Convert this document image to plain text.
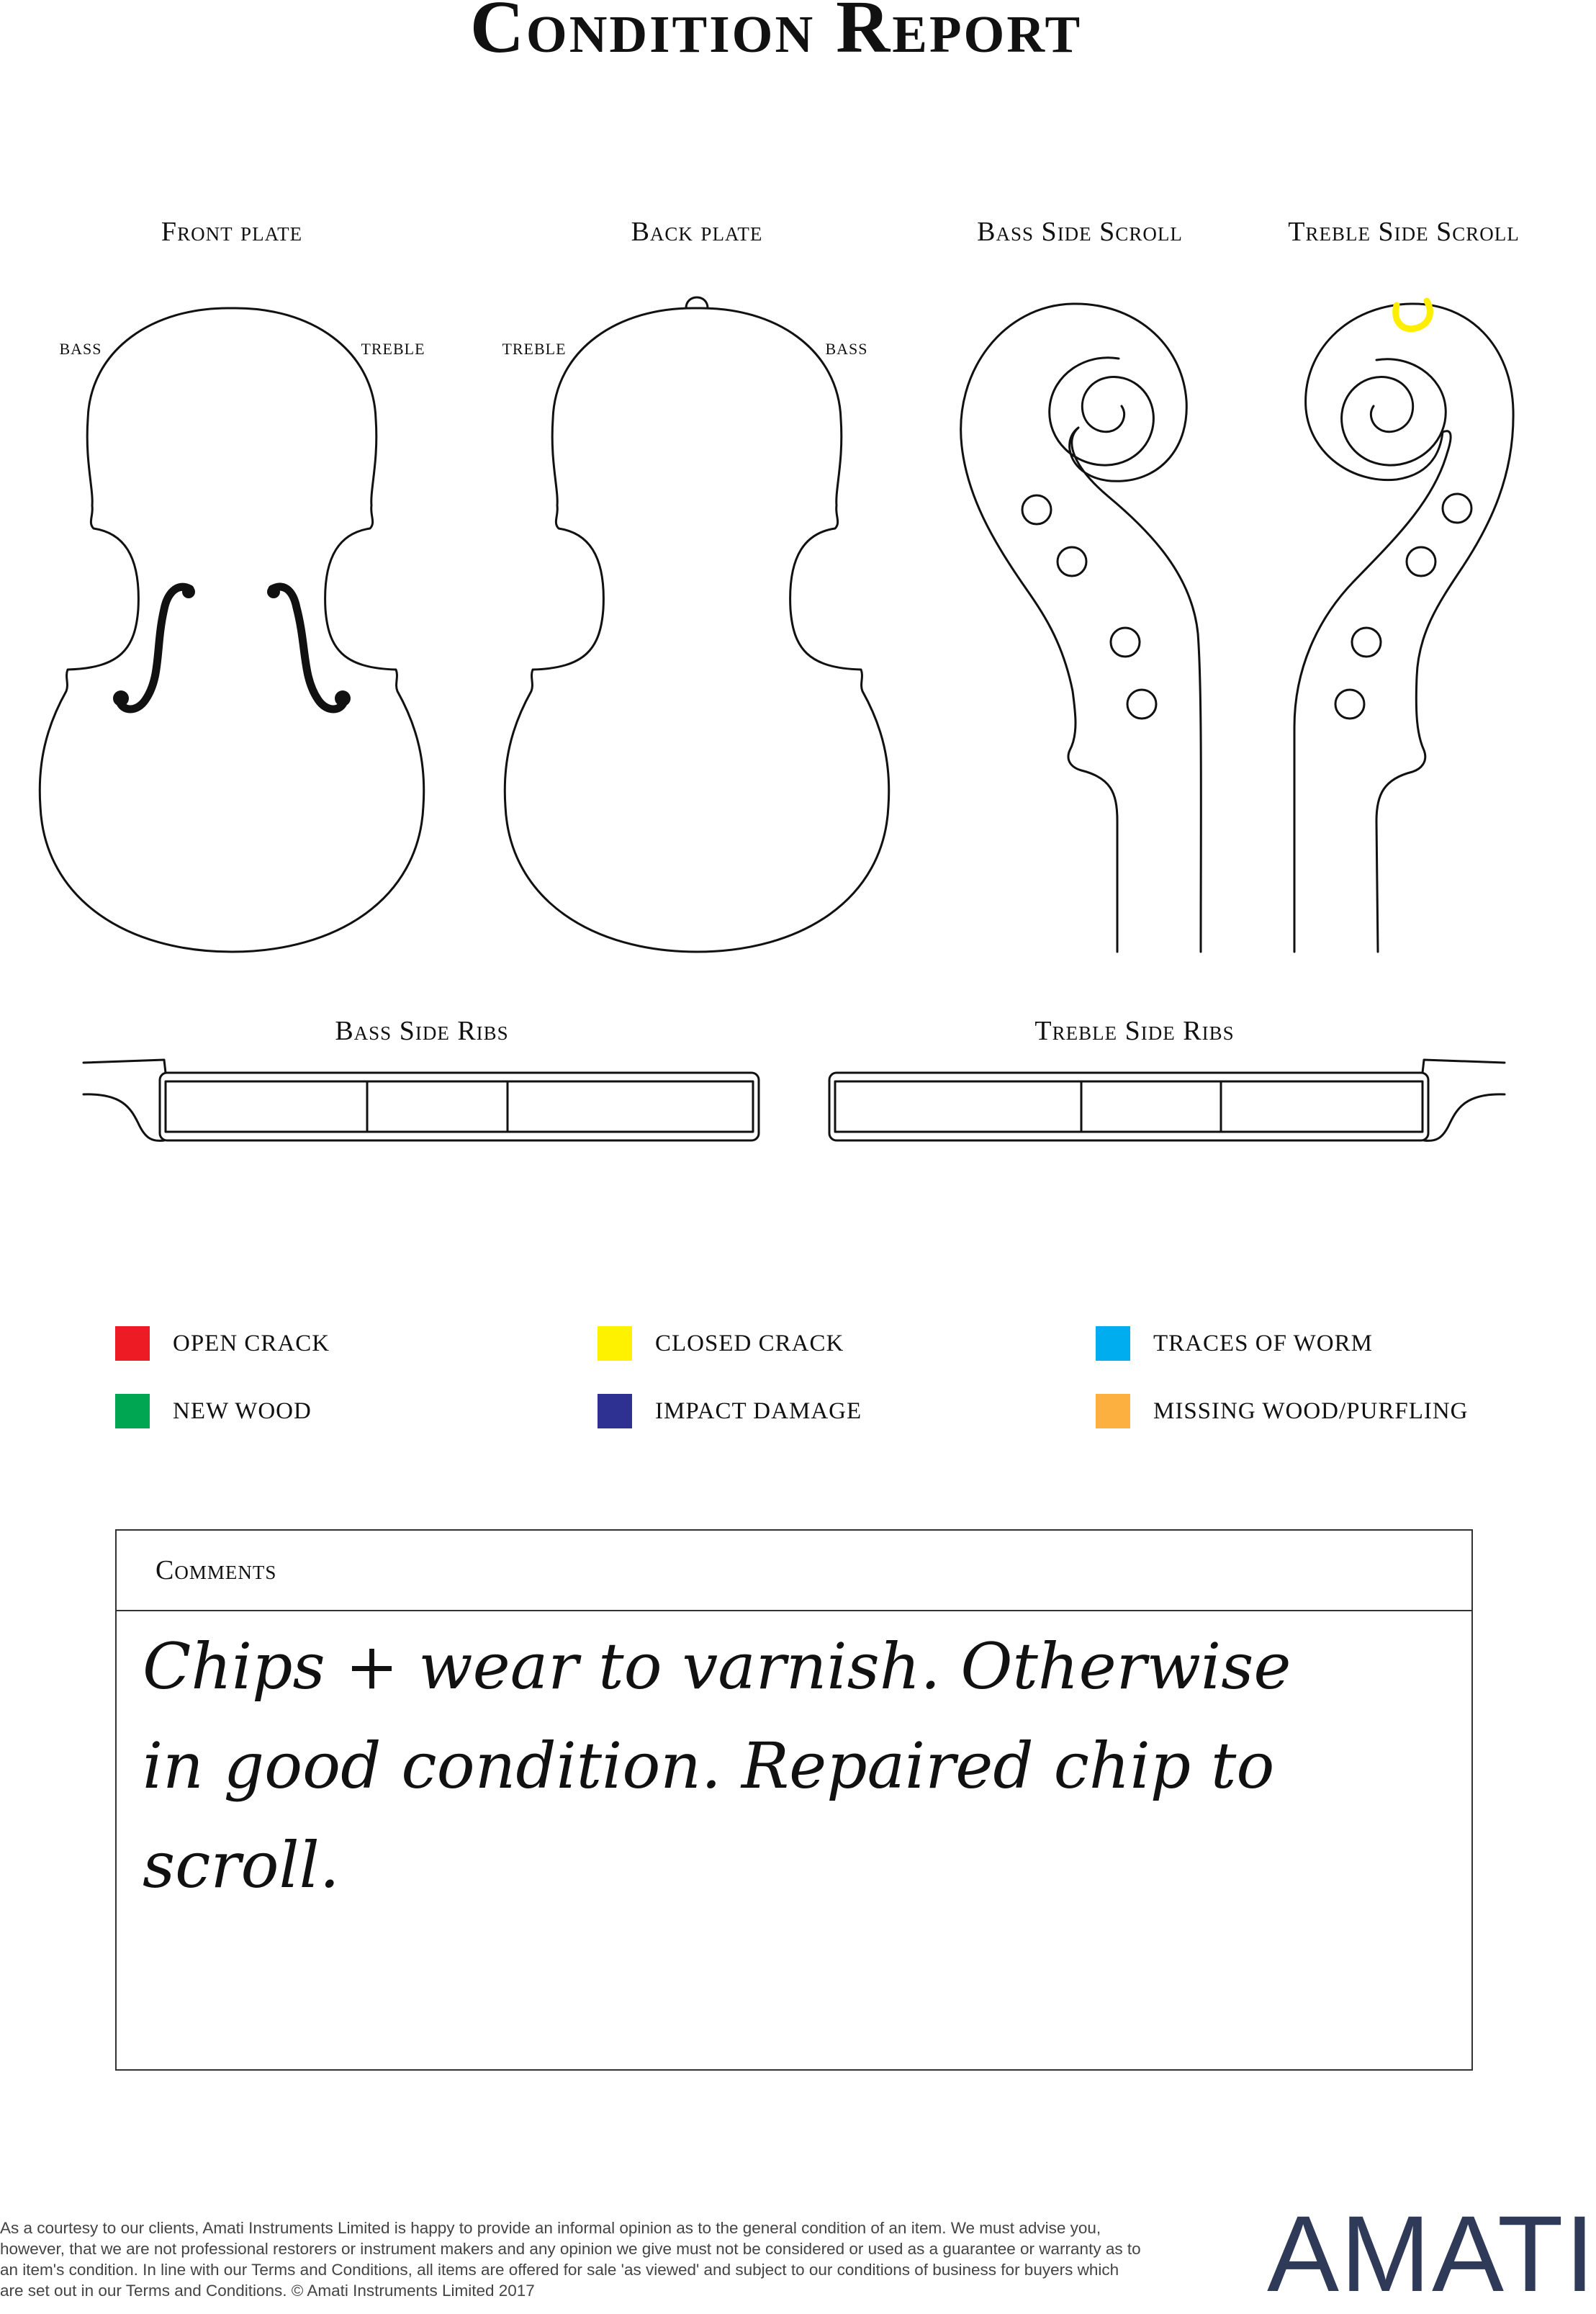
Condition Report
Front plate	Back plate	Bass Side Scroll	Treble Side Scroll
Bass Side Ribs	Treble Side Ribs
BASS	TREBLE	TREBLE	BASS
OPEN CRACK	CLOSED CRACK	TRACES OF WORM
NEW WOOD	IMPACT DAMAGE	MISSING WOOD/PURFLING
Comments
Chips + wear to varnish. Otherwise
in good condition. Repaired chip to
scroll.
As a courtesy to our clients, Amati Instruments Limited is happy to provide an informal opinion as to the general condition of an item. We must advise you, however, that we are not professional restorers or instrument makers and any opinion we give must not be considered or used as a guarantee or warranty as to an item's condition. In line with our Terms and Conditions, all items are offered for sale 'as viewed' and subject to our conditions of business for buyers which are set out in our Terms and Conditions. © Amati Instruments Limited 2017	AMATI
